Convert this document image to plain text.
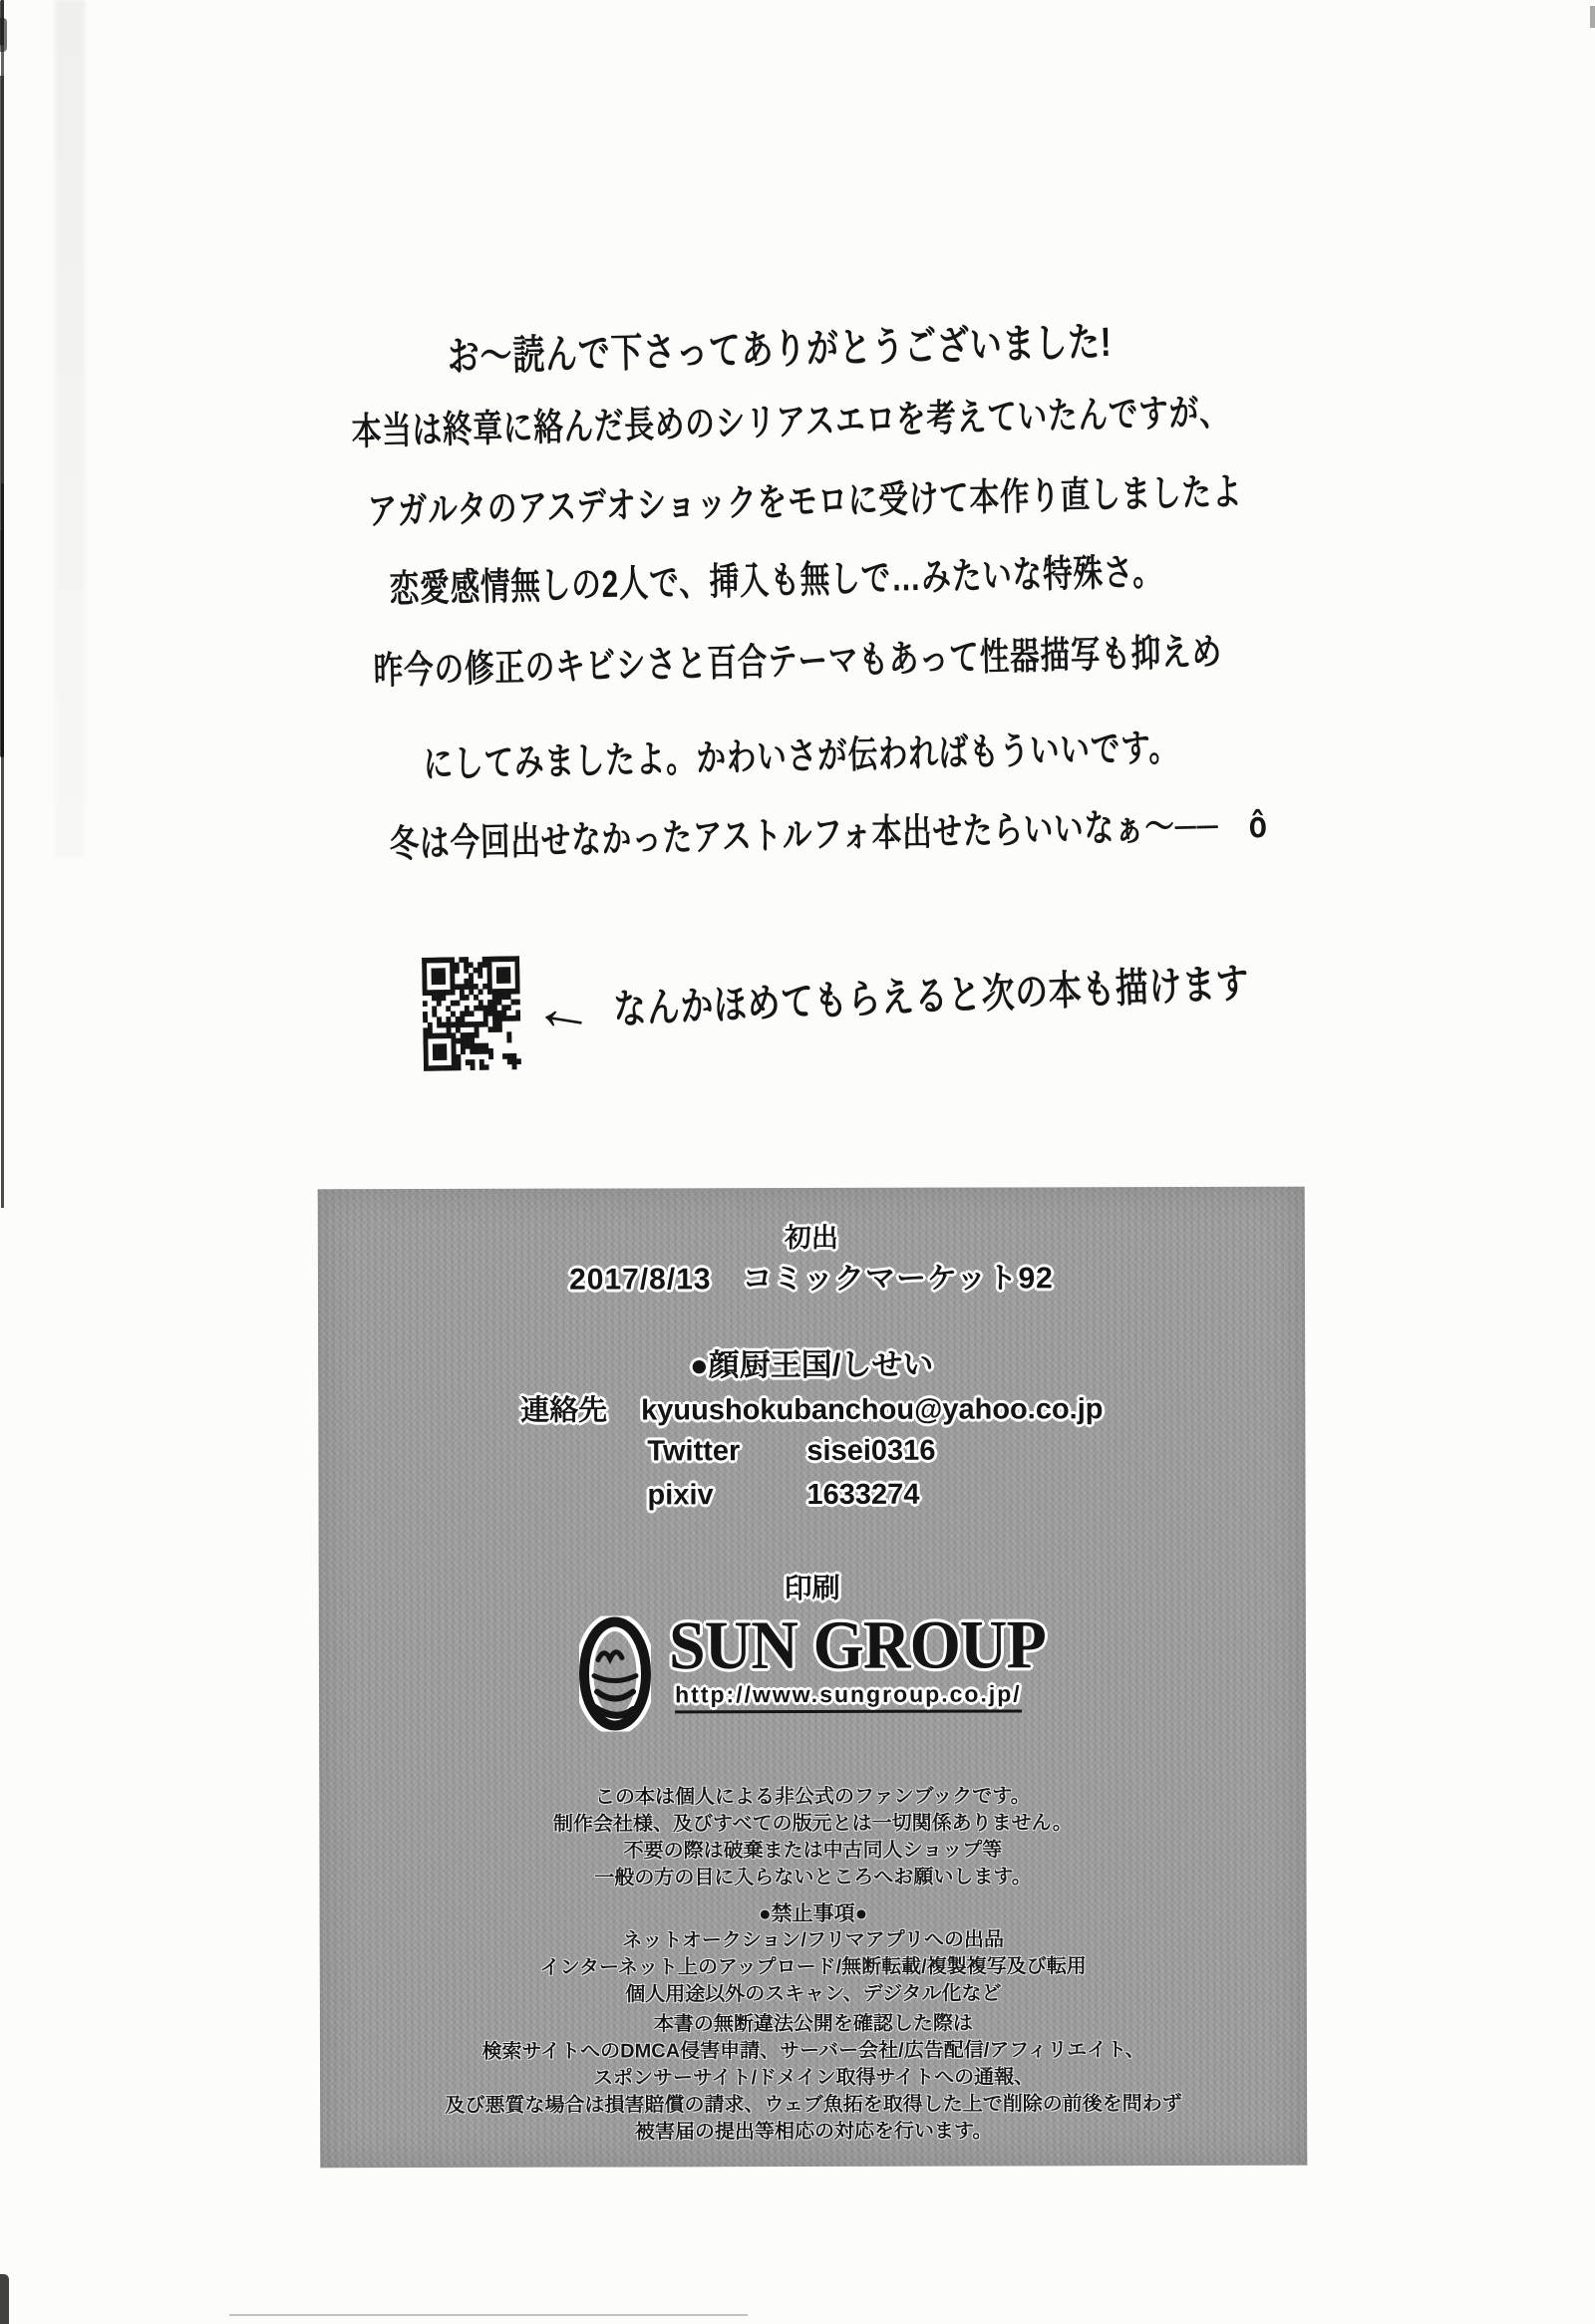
お〜読んで下さってありがとうございました!
本当は終章に絡んだ長めのシリアスエロを考えていたんですが、
アガルタのアスデオショックをモロに受けて本作り直しましたよ
恋愛感情無しの2人で、挿入も無しで…みたいな特殊さ。
昨今の修正のキビシさと百合テーマもあって性器描写も抑えめ
にしてみましたよ。かわいさが伝わればもういいです。
冬は今回出せなかったアストルフォ本出せたらいいなぁ～──　ô
← なんかほめてもらえると次の本も描けます
初出
2017/8/13　コミックマーケット92
●顔厨王国/しせい
連絡先 kyuushokubanchou@yahoo.co.jp
Twitter sisei0316
pixiv	1633274
印刷
SUN GROUP
http://www.sungroup.co.jp/
この本は個人による非公式のファンブックです。
制作会社様、及びすべての版元とは一切関係ありません。
不要の際は破棄または中古同人ショップ等
一般の方の目に入らないところへお願いします。
●禁止事項●
ネットオークション/フリマアプリへの出品
インターネット上のアップロード/無断転載/複製複写及び転用
個人用途以外のスキャン、デジタル化など
本書の無断違法公開を確認した際は
検索サイトへのDMCA侵害申請、サーバー会社/広告配信/アフィリエイト、
スポンサーサイト/ドメイン取得サイトへの通報、
及び悪質な場合は損害賠償の請求、ウェブ魚拓を取得した上で削除の前後を問わず
被害届の提出等相応の対応を行います。
